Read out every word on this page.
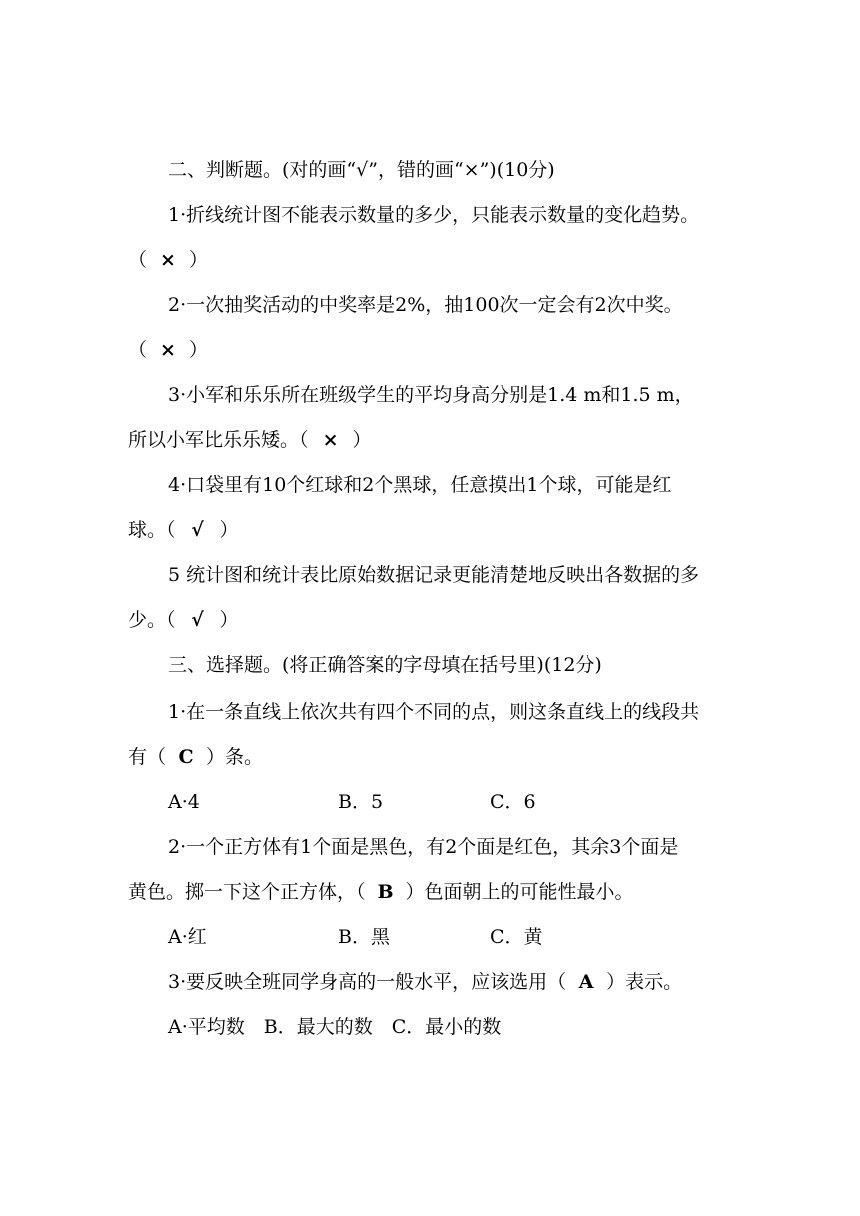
二、判断题。(对的画“√”，错的画“×”)(10分)
1·折线统计图不能表示数量的多少，只能表示数量的变化趋势。
（ × ）
2·一次抽奖活动的中奖率是2%，抽100次一定会有2次中奖。
（ × ）
3·小军和乐乐所在班级学生的平均身高分别是1.4 m和1.5 m，
所以小军比乐乐矮。（ × ）
4·口袋里有10个红球和2个黑球，任意摸出1个球，可能是红
球。（ √ ）
5 统计图和统计表比原始数据记录更能清楚地反映出各数据的多
少。（ √ ）
三、选择题。(将正确答案的字母填在括号里)(12分)
1·在一条直线上依次共有四个不同的点，则这条直线上的线段共
有（ C ）条。
A·4	B．5	C．6
2·一个正方体有1个面是黑色，有2个面是红色，其余3个面是
黄色。掷一下这个正方体，（ B ）色面朝上的可能性最小。
A·红	B．黑	C．黄
3·要反映全班同学身高的一般水平，应该选用（ A ）表示。
A·平均数　B．最大的数　C．最小的数
